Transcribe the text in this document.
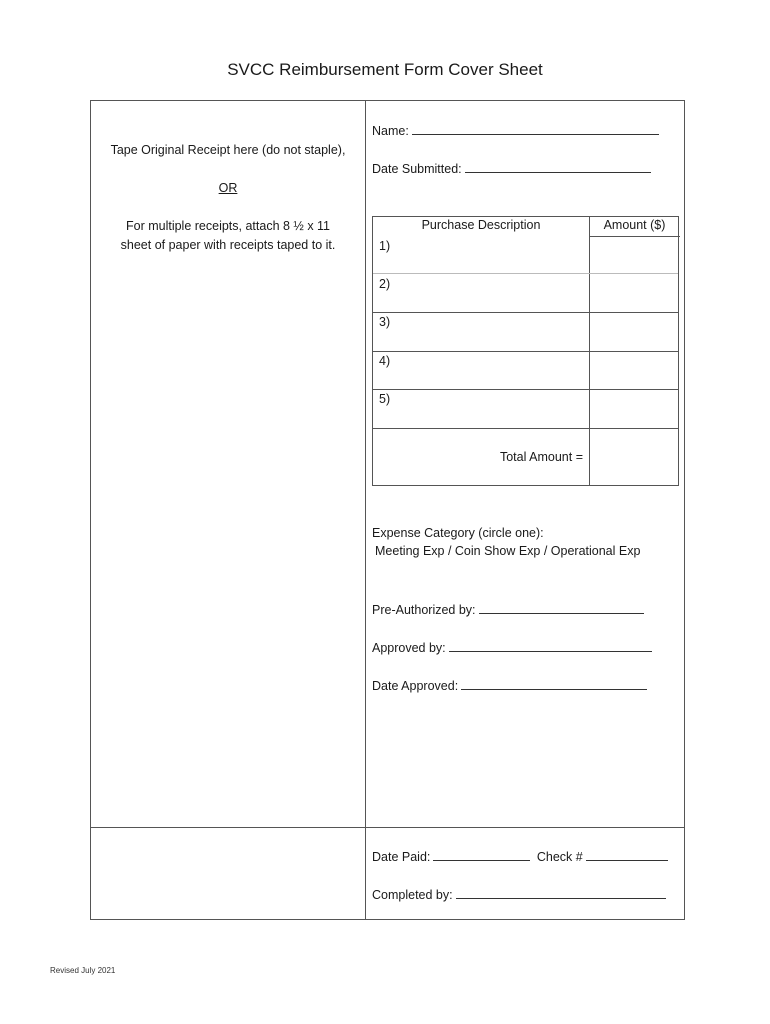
SVCC Reimbursement Form Cover Sheet
Tape Original Receipt here (do not staple),
OR
For multiple receipts, attach 8 ½ x 11
sheet of paper with receipts taped to it.
Name:
Date Submitted:
Purchase Description	Amount ($)
1)
2)
3)
4)
5)
Total Amount =
Expense Category (circle one):
Meeting Exp / Coin Show Exp / Operational Exp
Pre-Authorized by:
Approved by:
Date Approved:
Date Paid:	Check #
Completed by:
Revised July 2021
